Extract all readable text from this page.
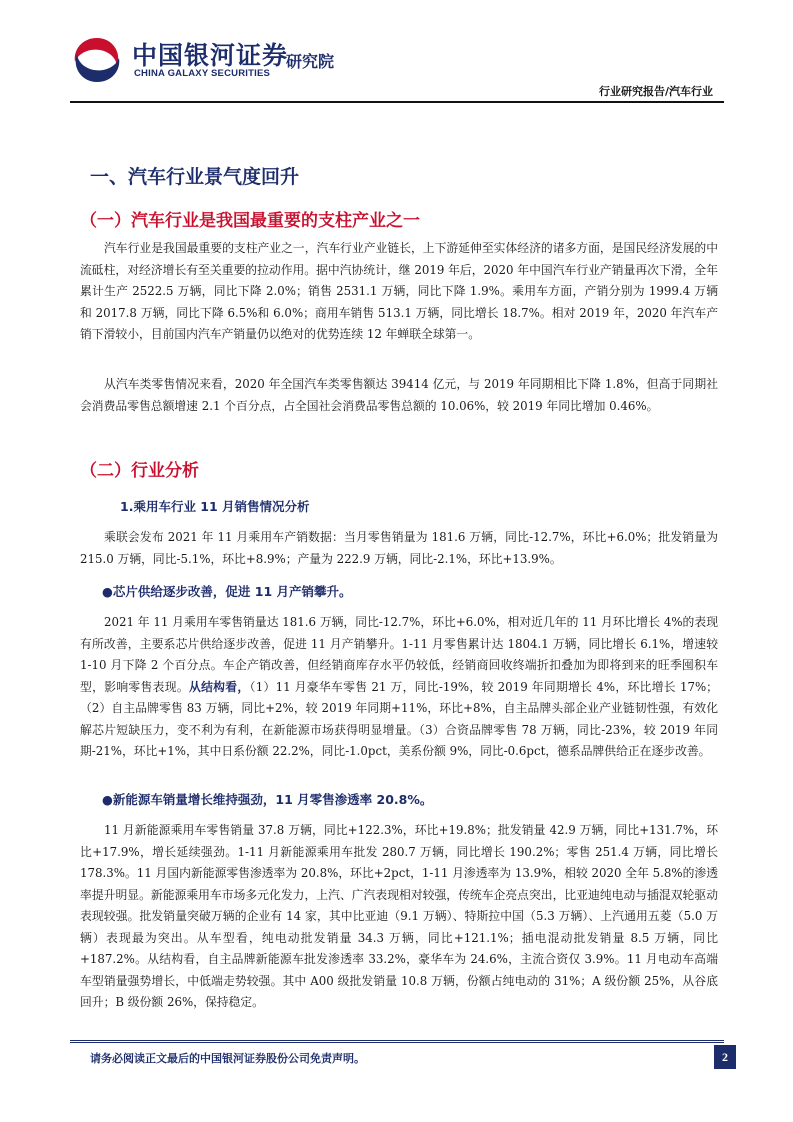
中国银河证券
CHINA GALAXY SECURITIES
研究院
行业研究报告/汽车行业
一、汽车行业景气度回升
（一）汽车行业是我国最重要的支柱产业之一

汽车行业是我国最重要的支柱产业之一，汽车行业产业链长，上下游延伸至实体经济的诸多方面，是国民经济发展的中流砥柱，对经济增长有至关重要的拉动作用。据中汽协统计，继 2019 年后，2020 年中国汽车行业产销量再次下滑，全年累计生产 2522.5 万辆，同比下降 2.0%；销售 2531.1 万辆，同比下降 1.9%。乘用车方面，产销分别为 1999.4 万辆和 2017.8 万辆，同比下降 6.5%和 6.0%；商用车销售 513.1 万辆，同比增长 18.7%。相对 2019 年，2020 年汽车产销下滑较小，目前国内汽车产销量仍以绝对的优势连续 12 年蝉联全球第一。

从汽车类零售情况来看，2020 年全国汽车类零售额达 39414 亿元，与 2019 年同期相比下降 1.8%，但高于同期社会消费品零售总额增速 2.1 个百分点，占全国社会消费品零售总额的 10.06%，较 2019 年同比增加 0.46%。

（二）行业分析
1.乘用车行业 11 月销售情况分析

乘联会发布 2021 年 11 月乘用车产销数据：当月零售销量为 181.6 万辆，同比-12.7%，环比+6.0%；批发销量为 215.0 万辆，同比-5.1%，环比+8.9%；产量为 222.9 万辆，同比-2.1%，环比+13.9%。

●芯片供给逐步改善，促进 11 月产销攀升。

2021 年 11 月乘用车零售销量达 181.6 万辆，同比-12.7%，环比+6.0%，相对近几年的 11 月环比增长 4%的表现有所改善，主要系芯片供给逐步改善，促进 11 月产销攀升。1-11 月零售累计达 1804.1 万辆，同比增长 6.1%，增速较 1-10 月下降 2 个百分点。车企产销改善，但经销商库存水平仍较低，经销商回收终端折扣叠加为即将到来的旺季囤积车型，影响零售表现。从结构看，（1）11 月豪华车零售 21 万，同比-19%，较 2019 年同期增长 4%，环比增长 17%；（2）自主品牌零售 83 万辆，同比+2%，较 2019 年同期+11%，环比+8%，自主品牌头部企业产业链韧性强，有效化解芯片短缺压力，变不利为有利，在新能源市场获得明显增量。（3）合资品牌零售 78 万辆，同比-23%，较 2019 年同期-21%，环比+1%，其中日系份额 22.2%，同比-1.0pct，美系份额 9%，同比-0.6pct，德系品牌供给正在逐步改善。

●新能源车销量增长维持强劲，11 月零售渗透率 20.8%。

11 月新能源乘用车零售销量 37.8 万辆，同比+122.3%，环比+19.8%；批发销量 42.9 万辆，同比+131.7%，环比+17.9%，增长延续强劲。1-11 月新能源乘用车批发 280.7 万辆，同比增长 190.2%；零售 251.4 万辆，同比增长 178.3%。11 月国内新能源零售渗透率为 20.8%，环比+2pct，1-11 月渗透率为 13.9%，相较 2020 全年 5.8%的渗透率提升明显。新能源乘用车市场多元化发力，上汽、广汽表现相对较强，传统车企亮点突出，比亚迪纯电动与插混双轮驱动表现较强。批发销量突破万辆的企业有 14 家，其中比亚迪（9.1 万辆）、特斯拉中国（5.3 万辆）、上汽通用五菱（5.0 万辆）表现最为突出。从车型看，纯电动批发销量 34.3 万辆，同比+121.1%；插电混动批发销量 8.5 万辆，同比+187.2%。从结构看，自主品牌新能源车批发渗透率 33.2%，豪华车为 24.6%，主流合资仅 3.9%。11 月电动车高端车型销量强势增长，中低端走势较强。其中 A00 级批发销量 10.8 万辆，份额占纯电动的 31%；A 级份额 25%，从谷底回升；B 级份额 26%，保持稳定。

请务必阅读正文最后的中国银河证券股份公司免责声明。	2
